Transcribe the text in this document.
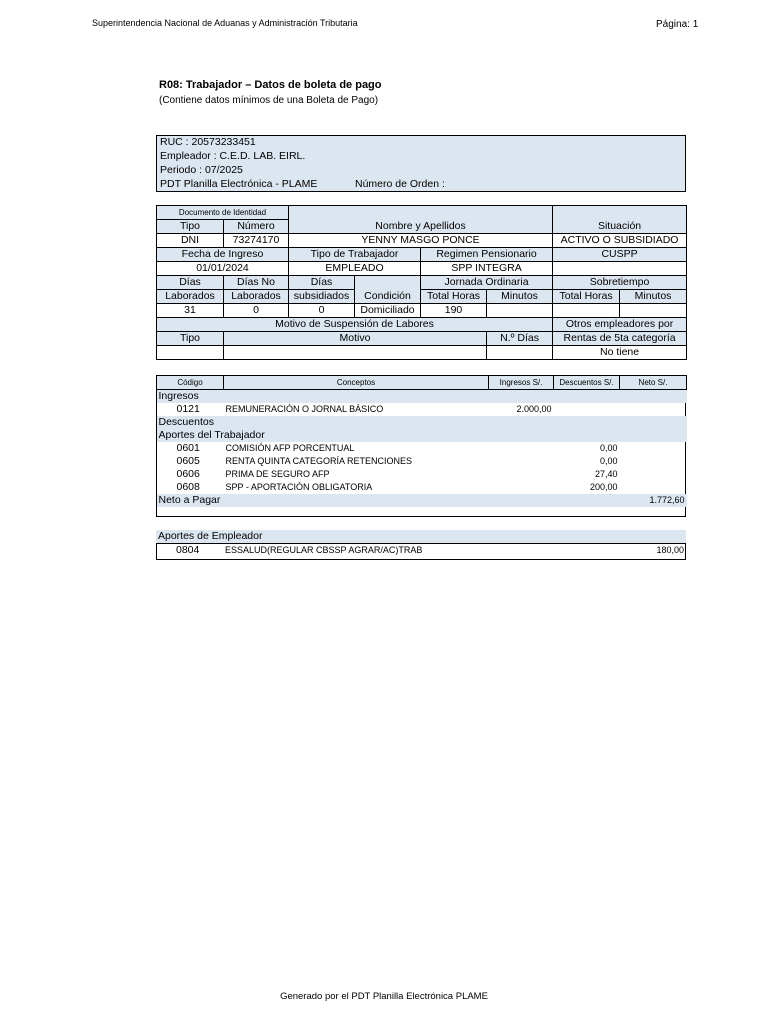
Superintendencia Nacional de Aduanas y Administración Tributaria	Página: 1
R08: Trabajador – Datos de boleta de pago
(Contiene datos mínimos de una Boleta de Pago)
RUC : 20573233451
Empleador : C.E.D. LAB. EIRL.
Periodo : 07/2025
PDT Planilla Electrónica - PLAME	Número de Orden :
Documento de Identidad		Nombre y Apellidos				Situación	
Tipo	Número						
DNI	73274170	YENNY MASGO PONCE				ACTIVO O SUBSIDIADO	
Fecha de Ingreso		Tipo de Trabajador		Regimen Pensionario		CUSPP	
01/01/2024		EMPLEADO		SPP INTEGRA			
Días	Días No	Días	Condición	Jornada Ordinaria		Sobretiempo	
Laborados	Laborados	subsidiados		Total Horas	Minutos	Total Horas	Minutos
31	0	0	Domiciliado	190			
Motivo de Suspensión de Labores						Otros empleadores por	
Tipo	Motivo				N.º Días	Rentas de 5ta categoría	
						No tiene	
Código	Conceptos	Ingresos S/.	Descuentos S/.	Neto S/.
Ingresos				
0121	REMUNERACIÓN O JORNAL BÁSICO	2.000,00		
Descuentos				
Aportes del Trabajador				
0601	COMISIÓN AFP PORCENTUAL		0,00	
0605	RENTA QUINTA CATEGORÍA RETENCIONES		0,00	
0606	PRIMA DE SEGURO AFP		27,40	
0608	SPP - APORTACIÓN OBLIGATORIA		200,00	
Neto a Pagar				1.772,60
Aportes de Empleador
0804	ESSALUD(REGULAR CBSSP AGRAR/AC)TRAB			180,00
Generado por el PDT Planilla Electrónica PLAME
